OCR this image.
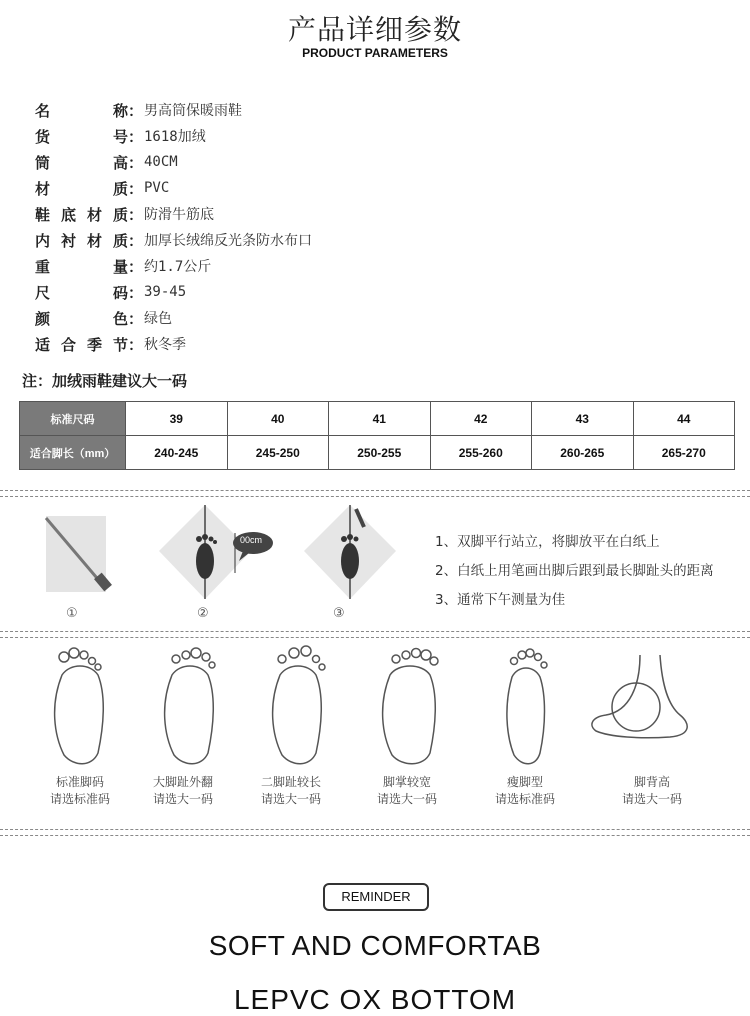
产品详细参数
PRODUCT PARAMETERS
名称 ： 男高筒保暖雨鞋
货号 ： 1618加绒
筒高 ： 40CM
材质 ： PVC
鞋底材质 ： 防滑牛筋底
内衬材质 ： 加厚长绒绵反光条防水布口
重量 ： 约1.7公斤
尺码 ： 39-45
颜色 ： 绿色
适合季节 ： 秋冬季
注：加绒雨鞋建议大一码
标准尺码	39	40	41	42	43	44
适合脚长（mm）	240-245	245-250	250-255	255-260	260-265	265-270
①
00cm
②	③
1、双脚平行站立，将脚放平在白纸上
2、白纸上用笔画出脚后跟到最长脚趾头的距离
3、通常下午测量为佳
标准脚码
请选标准码
大脚趾外翻
请选大一码
二脚趾较长
请选大一码
脚掌较宽
请选大一码
瘦脚型
请选标准码
脚背高
请选大一码
REMINDER
SOFT AND COMFORTAB
LEPVC OX BOTTOM
